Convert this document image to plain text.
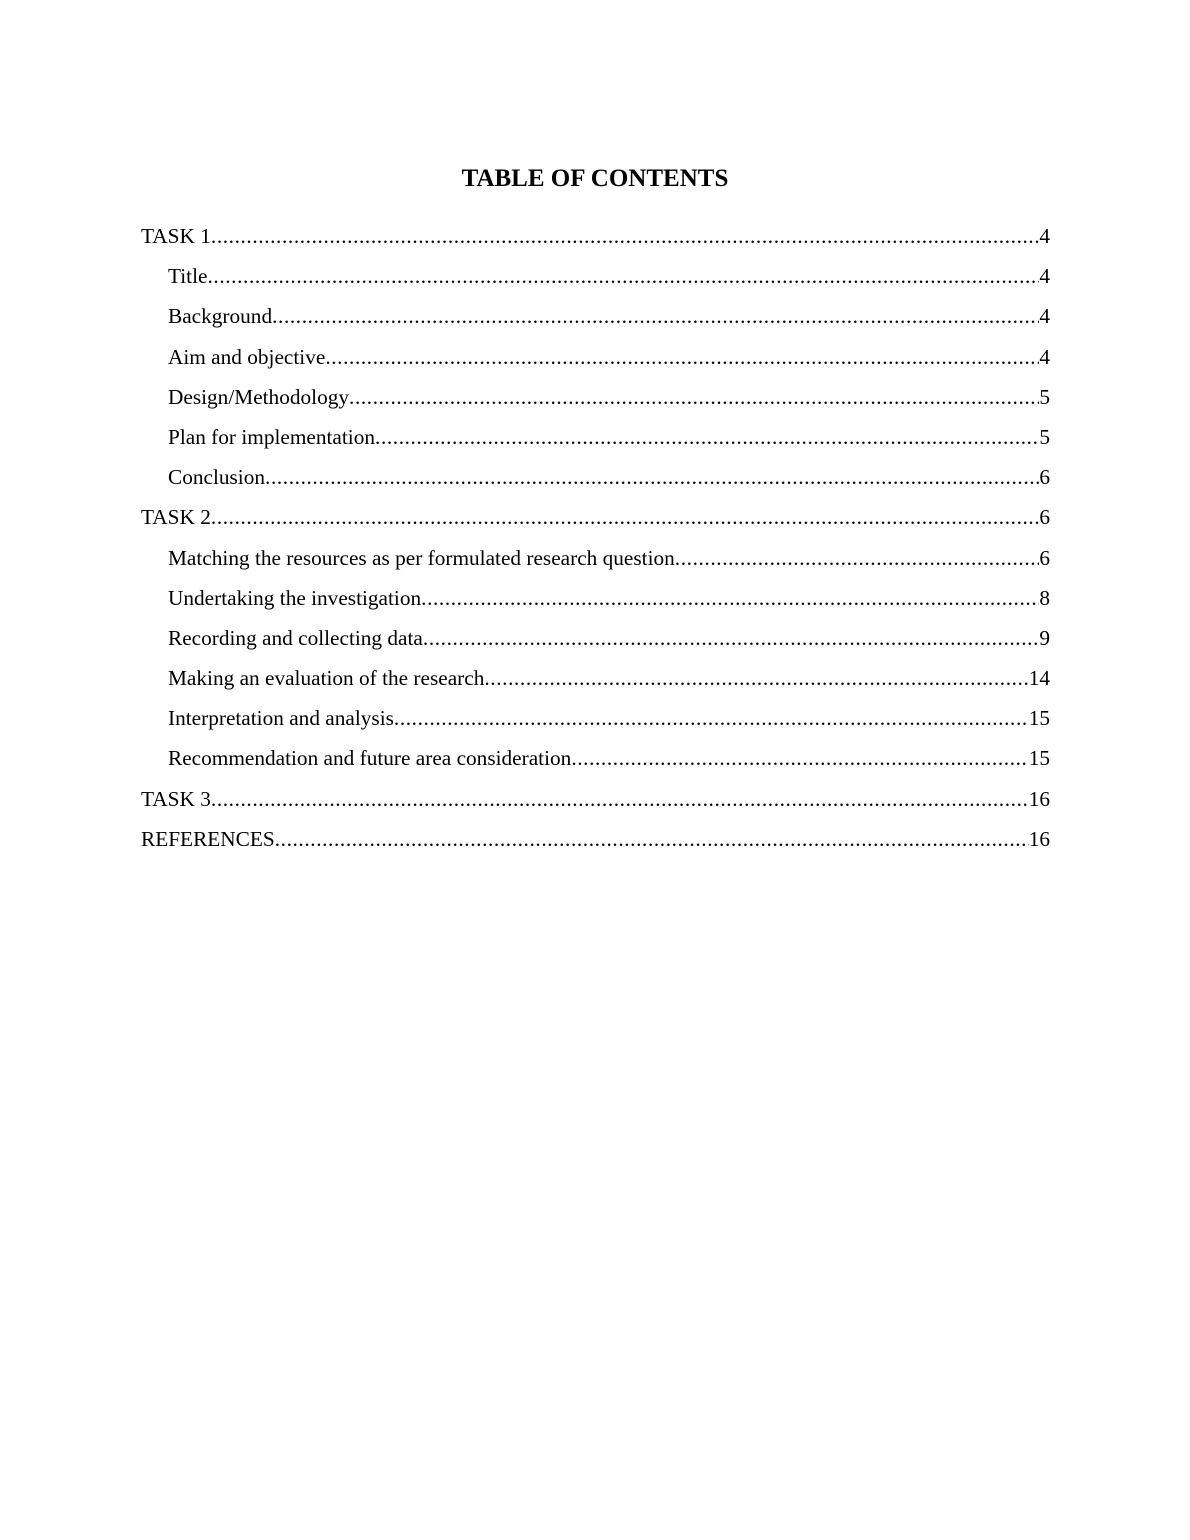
TABLE OF CONTENTS
TASK 1 .....	4
Title .....	4
Background .....	4
Aim and objective .....	4
Design/Methodology .....	5
Plan for implementation .....	5
Conclusion .....	6
TASK 2 .....	6
Matching the resources as per formulated research question .....	6
Undertaking the investigation .....	8
Recording and collecting data .....	9
Making an evaluation of the research .....	14
Interpretation and analysis .....	15
Recommendation and future area consideration .....	15
TASK 3 .....	16
REFERENCES .....	16
